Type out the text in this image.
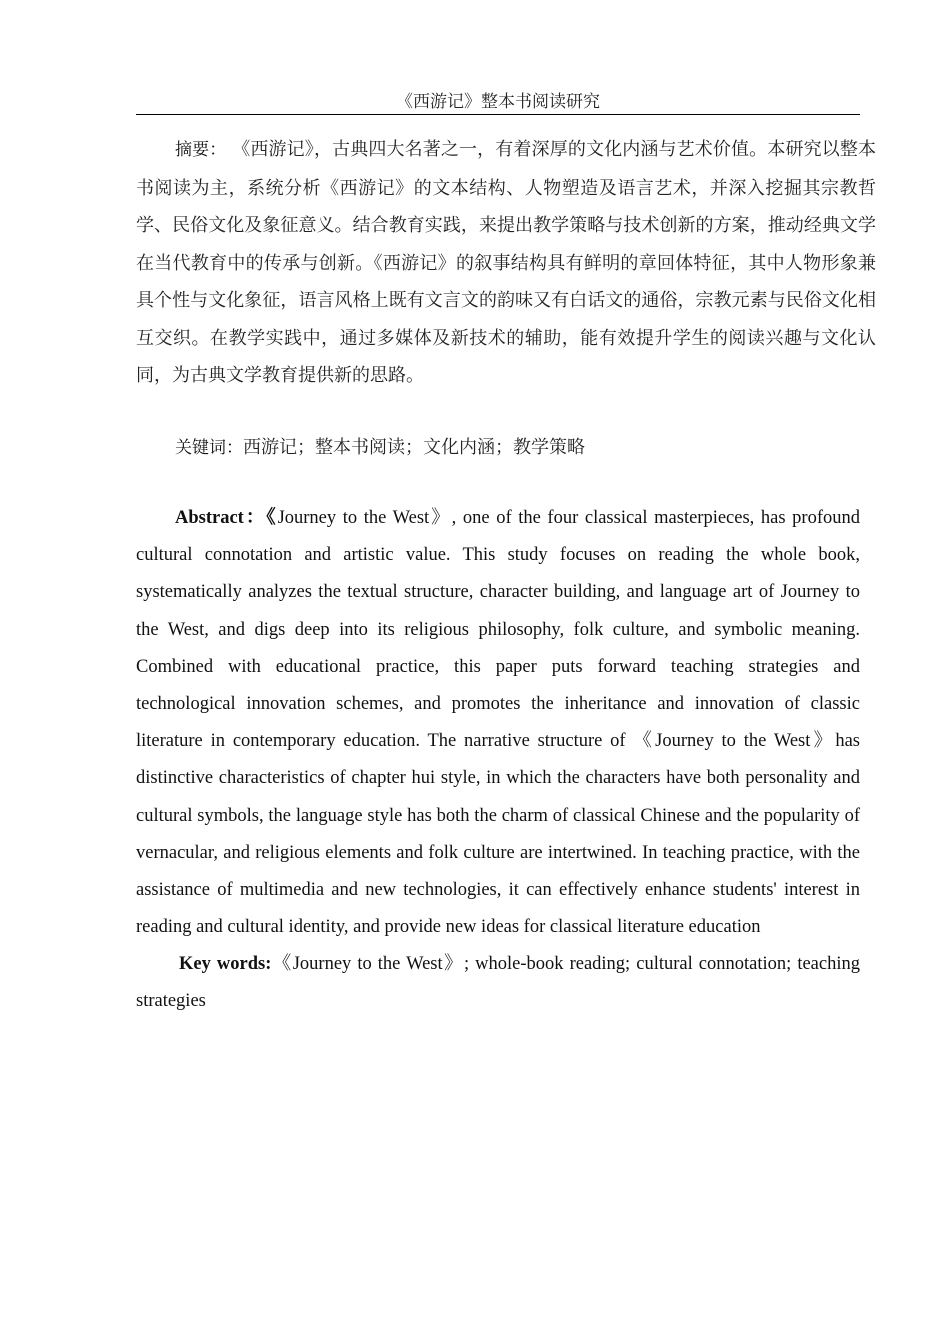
《西游记》整本书阅读研究
摘要： 《西游记》，古典四大名著之一，有着深厚的文化内涵与艺术价值。本研究以整本书阅读为主，系统分析《西游记》的文本结构、人物塑造及语言艺术，并深入挖掘其宗教哲学、民俗文化及象征意义。结合教育实践，来提出教学策略与技术创新的方案，推动经典文学在当代教育中的传承与创新。《西游记》的叙事结构具有鲜明的章回体特征，其中人物形象兼具个性与文化象征，语言风格上既有文言文的韵味又有白话文的通俗，宗教元素与民俗文化相互交织。在教学实践中，通过多媒体及新技术的辅助，能有效提升学生的阅读兴趣与文化认同，为古典文学教育提供新的思路。
关键词：西游记；整本书阅读；文化内涵；教学策略
Abstract：《Journey to the West》, one of the four classical masterpieces, has profound cultural connotation and artistic value. This study focuses on reading the whole book, systematically analyzes the textual structure, character building, and language art of Journey to the West, and digs deep into its religious philosophy, folk culture, and symbolic meaning. Combined with educational practice, this paper puts forward teaching strategies and technological innovation schemes, and promotes the inheritance and innovation of classic literature in contemporary education. The narrative structure of 《Journey to the West》has distinctive characteristics of chapter hui style, in which the characters have both personality and cultural symbols, the language style has both the charm of classical Chinese and the popularity of vernacular, and religious elements and folk culture are intertwined. In teaching practice, with the assistance of multimedia and new technologies, it can effectively enhance students' interest in reading and cultural identity, and provide new ideas for classical literature education
Key words:《Journey to the West》; whole-book reading; cultural connotation; teaching strategies
